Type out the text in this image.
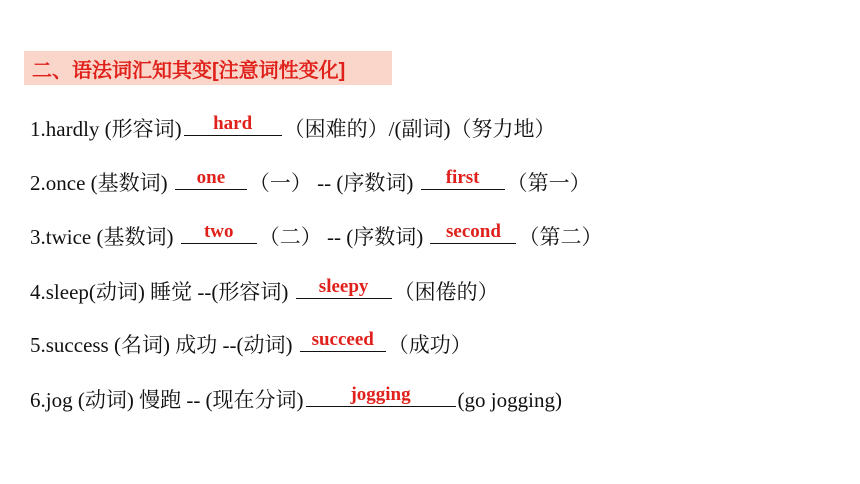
二、语法词汇知其变[注意词性变化]
1.hardly (形容词)	hard	（困难的）/(副词)（努力地）
2.once (基数词)	one	（一） -- (序数词)	first	（第一）
3.twice (基数词)	two	（二） -- (序数词) second （第二）
4.sleep(动词) 睡觉 --(形容词)	sleepy	（困倦的）
5.success (名词) 成功 --(动词) succeed （成功）
6.jog (动词) 慢跑 -- (现在分词)	jogging	(go jogging)
